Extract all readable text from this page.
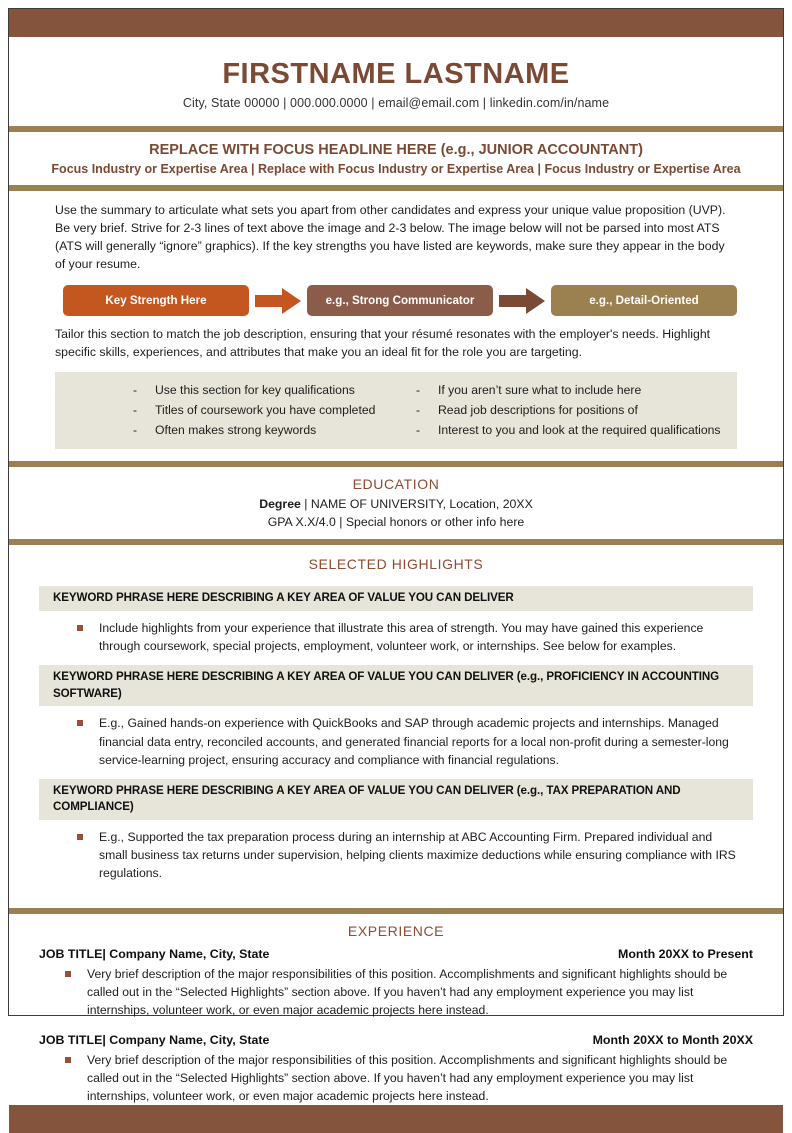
FIRSTNAME LASTNAME
City, State 00000 | 000.000.0000 | email@email.com | linkedin.com/in/name
REPLACE WITH FOCUS HEADLINE HERE (e.g., JUNIOR ACCOUNTANT)
Focus Industry or Expertise Area | Replace with Focus Industry or Expertise Area | Focus Industry or Expertise Area
Use the summary to articulate what sets you apart from other candidates and express your unique value proposition (UVP). Be very brief. Strive for 2-3 lines of text above the image and 2-3 below. The image below will not be parsed into most ATS (ATS will generally “ignore” graphics). If the key strengths you have listed are keywords, make sure they appear in the body of your resume.
Key Strength Here	e.g., Strong Communicator	e.g., Detail-Oriented
Tailor this section to match the job description, ensuring that your résumé resonates with the employer's needs. Highlight specific skills, experiences, and attributes that make you an ideal fit for the role you are targeting.
- Use this section for key qualifications
- Titles of coursework you have completed
- Often makes strong keywords
- If you aren’t sure what to include here
- Read job descriptions for positions of
- Interest to you and look at the required qualifications
EDUCATION
Degree | NAME OF UNIVERSITY, Location, 20XX
GPA X.X/4.0 | Special honors or other info here
SELECTED HIGHLIGHTS
KEYWORD PHRASE HERE DESCRIBING A KEY AREA OF VALUE YOU CAN DELIVER
Include highlights from your experience that illustrate this area of strength. You may have gained this experience through coursework, special projects, employment, volunteer work, or internships. See below for examples.
KEYWORD PHRASE HERE DESCRIBING A KEY AREA OF VALUE YOU CAN DELIVER (e.g., PROFICIENCY IN ACCOUNTING SOFTWARE)
E.g., Gained hands-on experience with QuickBooks and SAP through academic projects and internships. Managed financial data entry, reconciled accounts, and generated financial reports for a local non-profit during a semester-long service-learning project, ensuring accuracy and compliance with financial regulations.
KEYWORD PHRASE HERE DESCRIBING A KEY AREA OF VALUE YOU CAN DELIVER (e.g., TAX PREPARATION AND COMPLIANCE)
E.g., Supported the tax preparation process during an internship at ABC Accounting Firm. Prepared individual and small business tax returns under supervision, helping clients maximize deductions while ensuring compliance with IRS regulations.
EXPERIENCE
JOB TITLE| Company Name, City, State	Month 20XX to Present
Very brief description of the major responsibilities of this position. Accomplishments and significant highlights should be called out in the “Selected Highlights” section above. If you haven’t had any employment experience you may list internships, volunteer work, or even major academic projects here instead.
JOB TITLE| Company Name, City, State	Month 20XX to Month 20XX
Very brief description of the major responsibilities of this position. Accomplishments and significant highlights should be called out in the “Selected Highlights” section above. If you haven’t had any employment experience you may list internships, volunteer work, or even major academic projects here instead.
